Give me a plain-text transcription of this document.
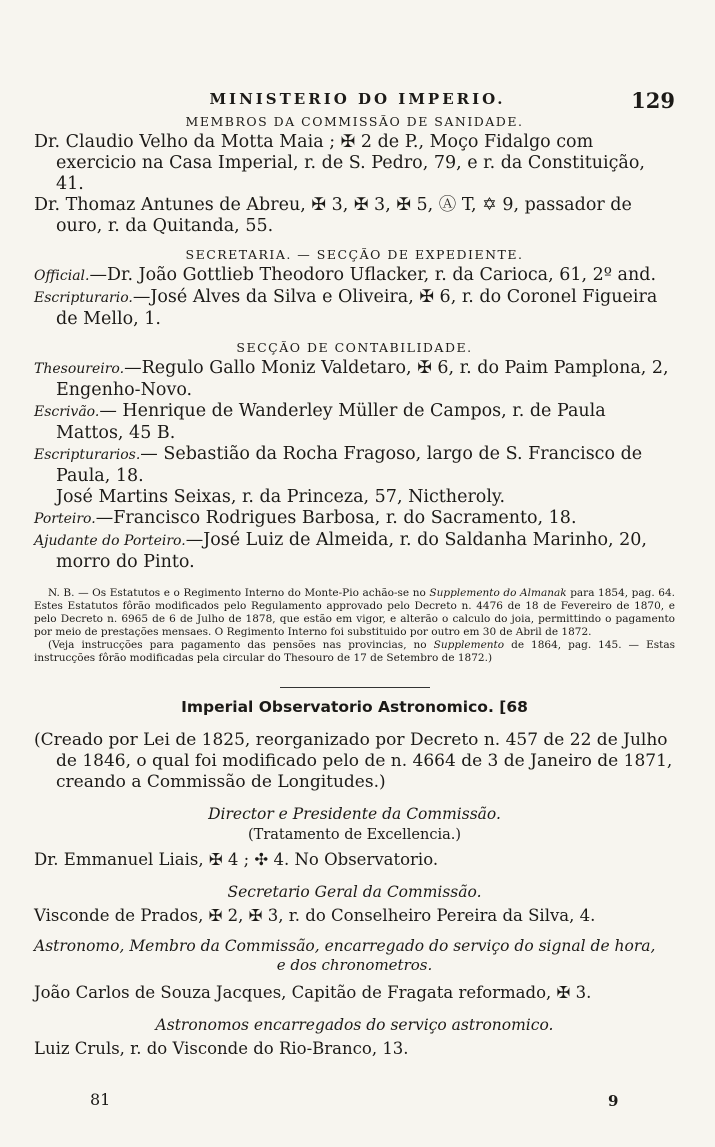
MINISTERIO DO IMPERIO.	129
MEMBROS DA COMMISSÃO DE SANIDADE.

Dr. Claudio Velho da Motta Maia ; ✠ 2 de P., Moço Fidalgo com exercicio na Casa Imperial, r. de S. Pedro, 79, e r. da Constituição, 41.

Dr. Thomaz Antunes de Abreu, ✠ 3, ✠ 3, ✠ 5, Ⓐ T, ✡ 9, passador de ouro, r. da Quitanda, 55.

SECRETARIA. — SECÇÃO DE EXPEDIENTE.

Official.—Dr. João Gottlieb Theodoro Uflacker, r. da Carioca, 61, 2º and.

Escripturario.—José Alves da Silva e Oliveira, ✠ 6, r. do Coronel Figueira de Mello, 1.

SECÇÃO DE CONTABILIDADE.

Thesoureiro.—Regulo Gallo Moniz Valdetaro, ✠ 6, r. do Paim Pamplona, 2, Engenho-Novo.

Escrivão.— Henrique de Wanderley Müller de Campos, r. de Paula Mattos, 45 B.

Escripturarios.— Sebastião da Rocha Fragoso, largo de S. Francisco de Paula, 18.

José Martins Seixas, r. da Princeza, 57, Nictheroly.

Porteiro.—Francisco Rodrigues Barbosa, r. do Sacramento, 18.

Ajudante do Porteiro.—José Luiz de Almeida, r. do Saldanha Marinho, 20, morro do Pinto.

N. B. — Os Estatutos e o Regimento Interno do Monte-Pio achão-se no Supplemento do Almanak para 1854, pag. 64. Estes Estatutos fôrão modificados pelo Regulamento approvado pelo Decreto n. 4476 de 18 de Fevereiro de 1870, e pelo Decreto n. 6965 de 6 de Julho de 1878, que estão em vigor, e alterão o calculo do joia, permittindo o pagamento por meio de prestações mensaes. O Regimento Interno foi substituido por outro em 30 de Abril de 1872.

(Veja instrucções para pagamento das pensões nas provincias, no Supplemento de 1864, pag. 145. — Estas instrucções fôrão modificadas pela circular do Thesouro de 17 de Setembro de 1872.)

Imperial Observatorio Astronomico. [68

(Creado por Lei de 1825, reorganizado por Decreto n. 457 de 22 de Julho de 1846, o qual foi modificado pelo de n. 4664 de 3 de Janeiro de 1871, creando a Commissão de Longitudes.)

Director e Presidente da Commissão.
(Tratamento de Excellencia.)

Dr. Emmanuel Liais, ✠ 4 ; ✣ 4. No Observatorio.

Secretario Geral da Commissão.

Visconde de Prados, ✠ 2, ✠ 3, r. do Conselheiro Pereira da Silva, 4.

Astronomo, Membro da Commissão, encarregado do serviço do signal de hora,

e dos chronometros.

João Carlos de Souza Jacques, Capitão de Fragata reformado, ✠ 3.

Astronomos encarregados do serviço astronomico.

Luiz Cruls, r. do Visconde do Rio-Branco, 13.

81	9
